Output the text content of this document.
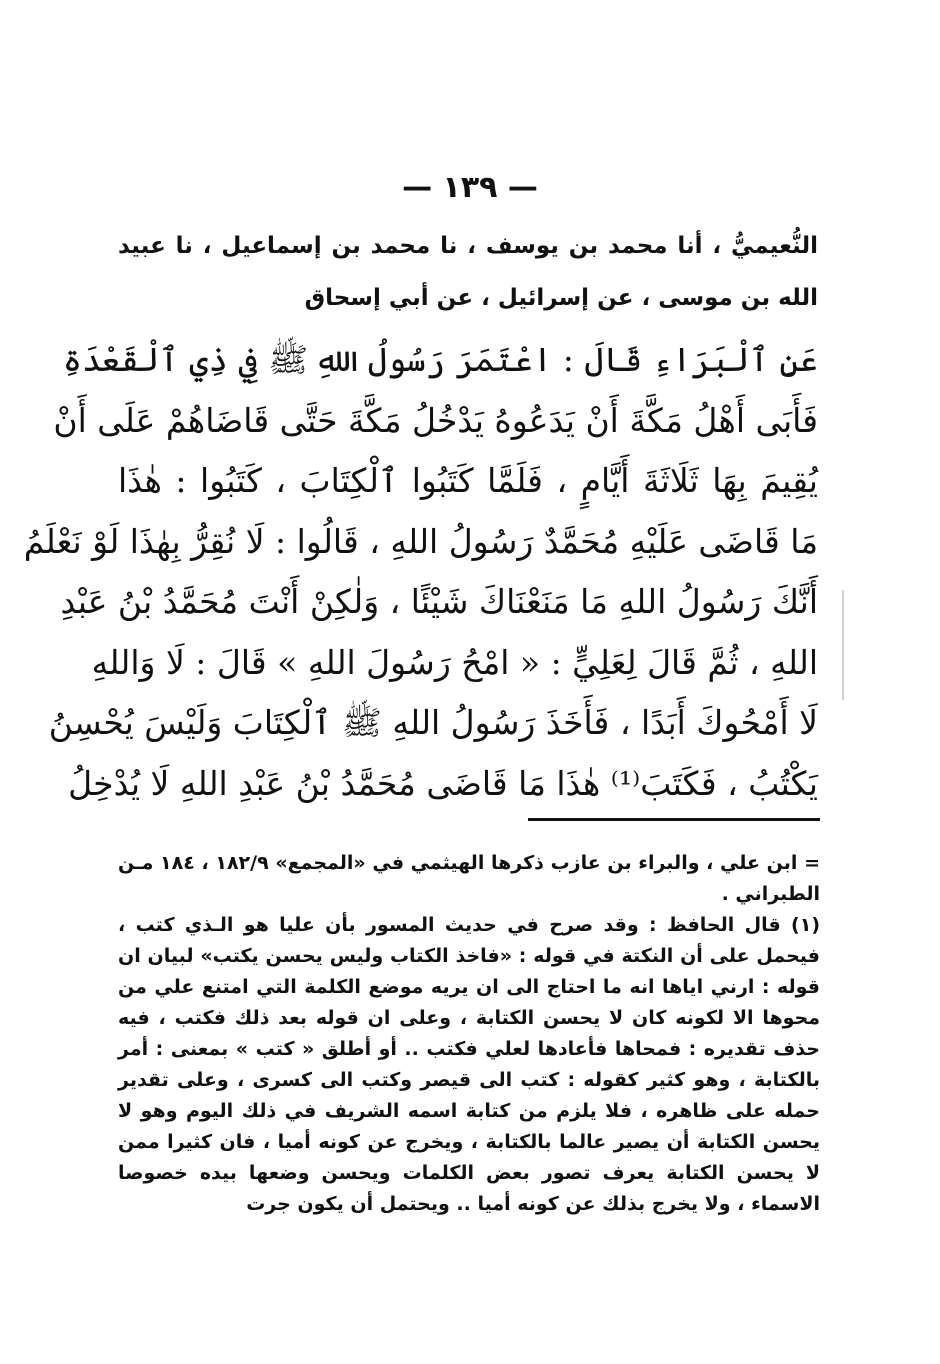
— ١٣٩ —
النُّعيميُّ ، أنا محمد بن يوسف ، نا محمد بن إسماعيل ، نا عبيد الله بن موسى ، عن إسرائيل ، عن أبي إسحاق
عَنِ ٱلْبَرَاءِ قَالَ : اعْتَمَرَ رَسُولُ اللهِ ﷺ فِي ذِي ٱلْقَعْدَةِ
فَأَبَى أَهْلُ مَكَّةَ أَنْ يَدَعُوهُ يَدْخُلُ مَكَّةَ حَتَّى قَاضَاهُمْ عَلَى أَنْ
يُقِيمَ بِهَا ثَلَاثَةَ أَيَّامٍ ، فَلَمَّا كَتَبُوا ٱلْكِتَابَ ، كَتَبُوا : هٰذَا
مَا قَاضَى عَلَيْهِ مُحَمَّدٌ رَسُولُ اللهِ ، قَالُوا : لَا نُقِرُّ بِهٰذَا لَوْ نَعْلَمُ
أَنَّكَ رَسُولُ اللهِ مَا مَنَعْنَاكَ شَيْئًا ، وَلٰكِنْ أَنْتَ مُحَمَّدُ بْنُ عَبْدِ
اللهِ ، ثُمَّ قَالَ لِعَلِيٍّ : « امْحُ رَسُولَ اللهِ » قَالَ : لَا وَاللهِ
لَا أَمْحُوكَ أَبَدًا ، فَأَخَذَ رَسُولُ اللهِ ﷺ ٱلْكِتَابَ وَلَيْسَ يُحْسِنُ
يَكْتُبُ ، فَكَتَبَ⁽¹⁾ هٰذَا مَا قَاضَى مُحَمَّدُ بْنُ عَبْدِ اللهِ لَا يُدْخِلُ
= ابن علي ، والبراء بن عازب ذكرها الهيثمي في «المجمع» ١٨٢/٩ ، ١٨٤ مـن الطبراني .
(١) قال الحافظ : وقد صرح في حديث المسور بأن عليا هو الـذي كتب ، فيحمل على أن النكتة في قوله : «فاخذ الكتاب وليس يحسن يكتب» لبيان ان قوله : ارني اياها انه ما احتاج الى ان يريه موضع الكلمة التي امتنع علي من محوها الا لكونه كان لا يحسن الكتابة ، وعلى ان قوله بعد ذلك فكتب ، فيه حذف تقديره : فمحاها فأعادها لعلي فكتب .. أو أطلق « كتب » بمعنى : أمر بالكتابة ، وهو كثير كقوله : كتب الى قيصر وكتب الى كسرى ، وعلى تقدير حمله على ظاهره ، فلا يلزم من كتابة اسمه الشريف في ذلك اليوم وهو لا يحسن الكتابة أن يصير عالما بالكتابة ، ويخرج عن كونه أميا ، فان كثيرا ممن لا يحسن الكتابة يعرف تصور بعض الكلمات ويحسن وضعها بيده خصوصا الاسماء ، ولا يخرج بذلك عن كونه أميا .. ويحتمل أن يكون جرت
